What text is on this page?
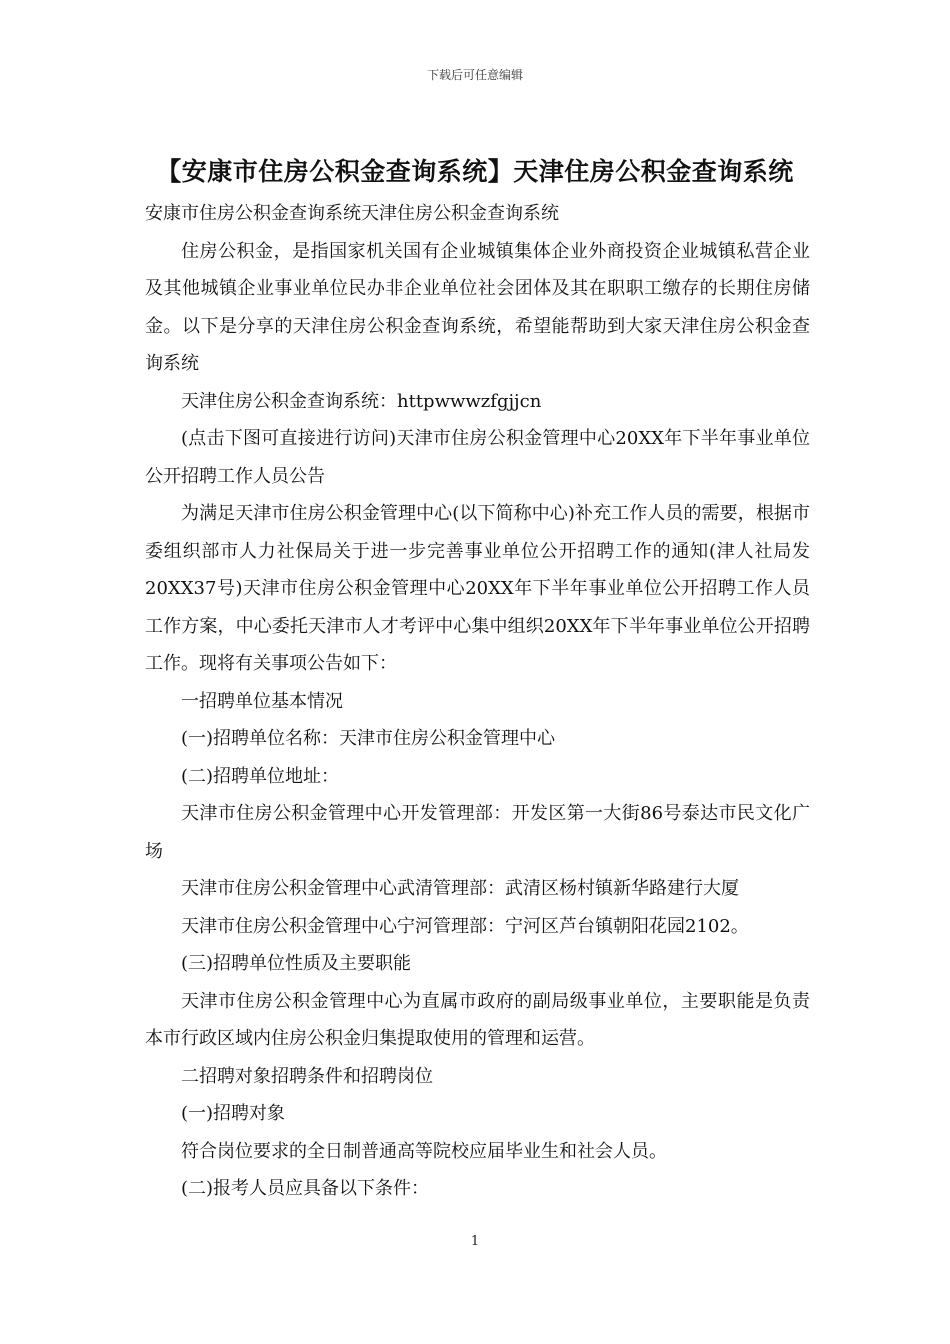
下载后可任意编辑
【安康市住房公积金查询系统】天津住房公积金查询系统

安康市住房公积金查询系统天津住房公积金查询系统

住房公积金，是指国家机关国有企业城镇集体企业外商投资企业城镇私营企业及其他城镇企业事业单位民办非企业单位社会团体及其在职职工缴存的长期住房储金。以下是分享的天津住房公积金查询系统，希望能帮助到大家天津住房公积金查询系统

天津住房公积金查询系统：httpwwwzfgjjcn

(点击下图可直接进行访问)天津市住房公积金管理中心20XX年下半年事业单位公开招聘工作人员公告

为满足天津市住房公积金管理中心(以下简称中心)补充工作人员的需要，根据市委组织部市人力社保局关于进一步完善事业单位公开招聘工作的通知(津人社局发20XX37号)天津市住房公积金管理中心20XX年下半年事业单位公开招聘工作人员工作方案，中心委托天津市人才考评中心集中组织20XX年下半年事业单位公开招聘工作。现将有关事项公告如下：

一招聘单位基本情况

(一)招聘单位名称：天津市住房公积金管理中心

(二)招聘单位地址：

天津市住房公积金管理中心开发管理部：开发区第一大街86号泰达市民文化广场

天津市住房公积金管理中心武清管理部：武清区杨村镇新华路建行大厦

天津市住房公积金管理中心宁河管理部：宁河区芦台镇朝阳花园2102。

(三)招聘单位性质及主要职能

天津市住房公积金管理中心为直属市政府的副局级事业单位，主要职能是负责本市行政区域内住房公积金归集提取使用的管理和运营。

二招聘对象招聘条件和招聘岗位

(一)招聘对象

符合岗位要求的全日制普通高等院校应届毕业生和社会人员。

(二)报考人员应具备以下条件：

1
